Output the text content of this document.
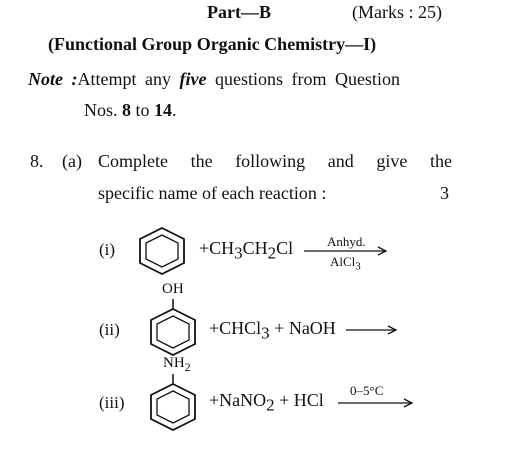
Part—B	(Marks : 25)
(Functional Group Organic Chemistry—I)
Note :Attempt any five questions from Question
Nos. 8 to 14.
8. (a) Complete the following and give the
specific name of each reaction :	3
(i)	$+CH_3CH_2Cl$	Anhyd.
AlCl$_3$
OH
(ii)	+CHCl$_3$ + NaOH →
$NH_2$
(iii)	+NaNO$_2$ + HCl 0–5°C
